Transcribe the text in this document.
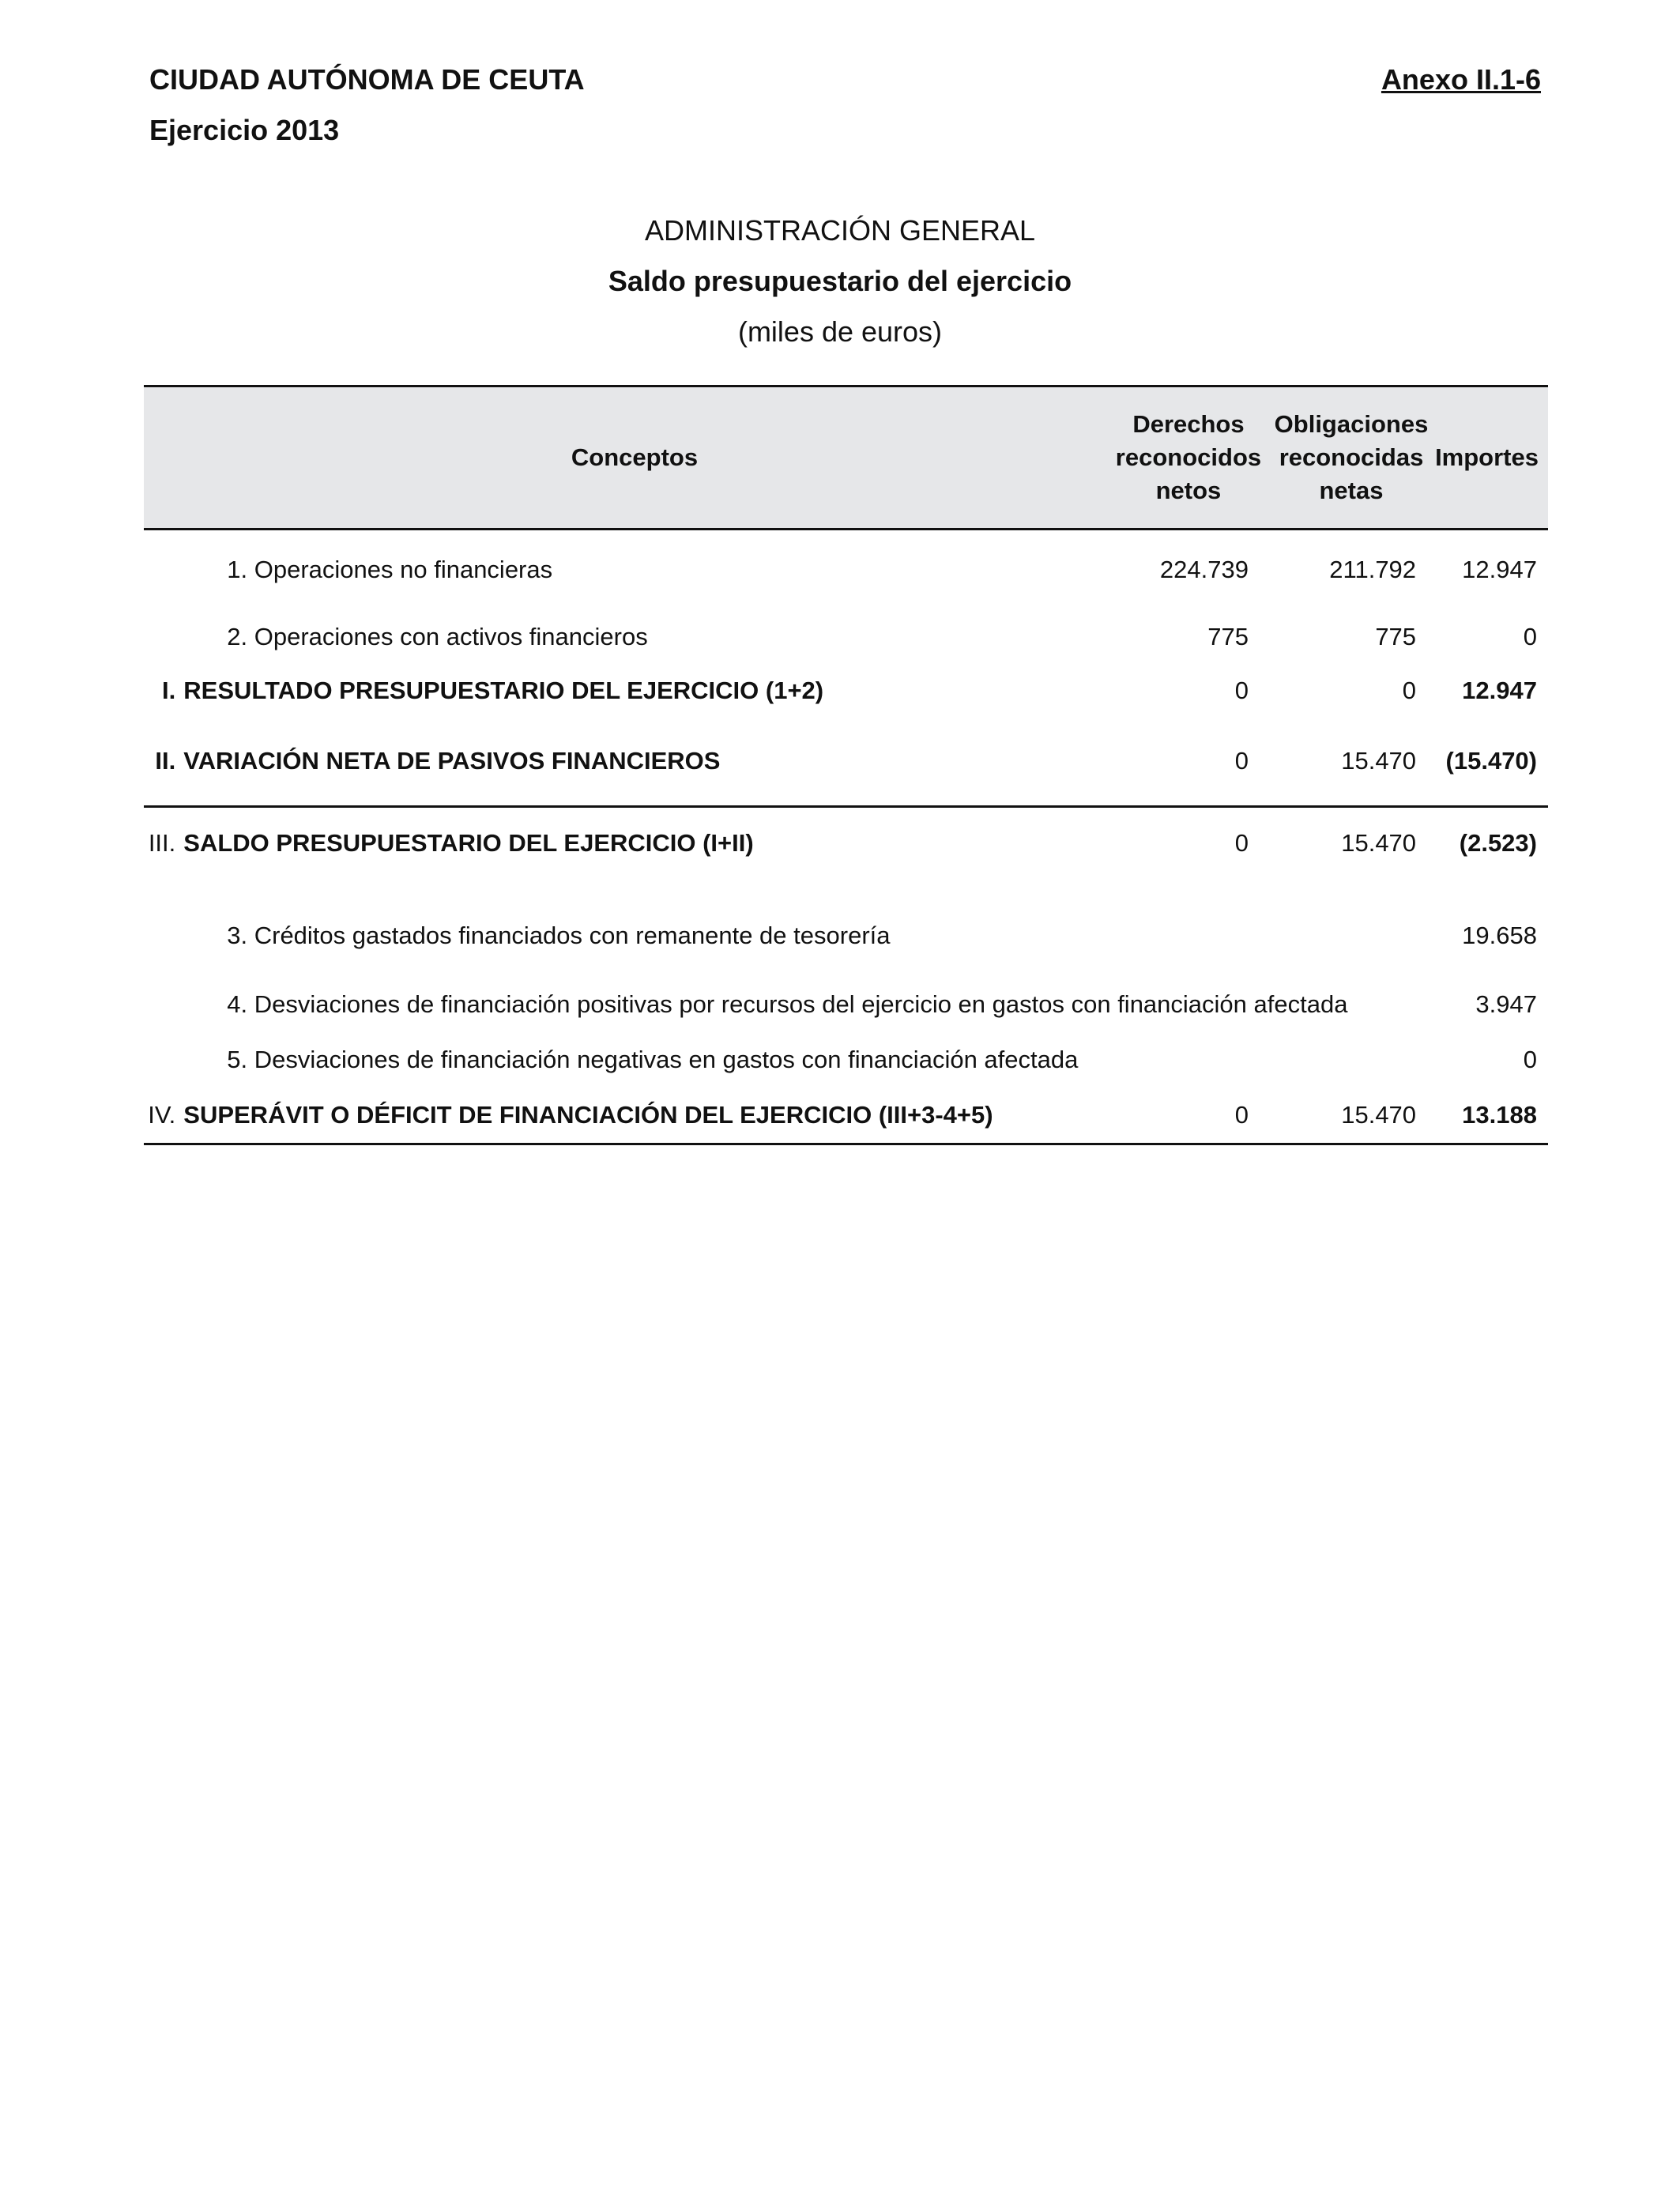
CIUDAD AUTÓNOMA DE CEUTA
Ejercicio 2013
Anexo II.1-6
ADMINISTRACIÓN GENERAL
Saldo presupuestario del ejercicio
(miles de euros)
Conceptos		Derechos reconocidos netos	Obligaciones reconocidas netas	Importes
	1. Operaciones no financieras	224.739	211.792	12.947
	2. Operaciones con activos financieros	775	775	0
I.	RESULTADO PRESUPUESTARIO DEL EJERCICIO (1+2)	0	0	12.947
II.	VARIACIÓN NETA DE PASIVOS FINANCIEROS	0	15.470	(15.470)
III.	SALDO PRESUPUESTARIO DEL EJERCICIO (I+II)	0	15.470	(2.523)
	3. Créditos gastados financiados con remanente de tesorería			19.658
	4. Desviaciones de financiación positivas por recursos del ejercicio en gastos con financiación afectada			3.947
	5. Desviaciones de financiación negativas en gastos con financiación afectada			0
IV.	SUPERÁVIT O DÉFICIT DE FINANCIACIÓN DEL EJERCICIO (III+3-4+5)	0	15.470	13.188
